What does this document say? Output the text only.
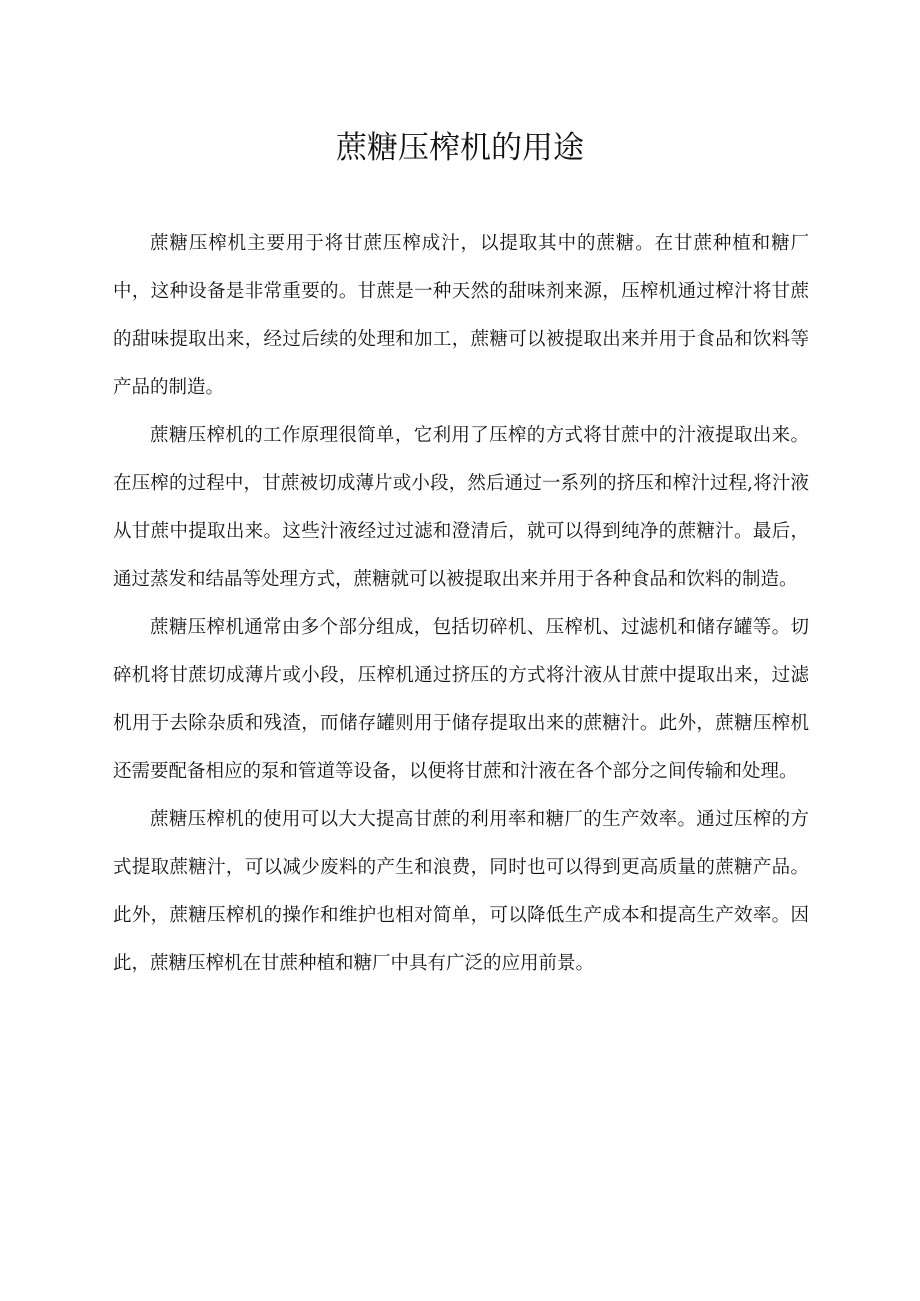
蔗糖压榨机的用途

蔗糖压榨机主要用于将甘蔗压榨成汁，以提取其中的蔗糖。在甘蔗种植和糖厂中，这种设备是非常重要的。甘蔗是一种天然的甜味剂来源，压榨机通过榨汁将甘蔗的甜味提取出来，经过后续的处理和加工，蔗糖可以被提取出来并用于食品和饮料等产品的制造。

蔗糖压榨机的工作原理很简单，它利用了压榨的方式将甘蔗中的汁液提取出来。在压榨的过程中，甘蔗被切成薄片或小段，然后通过一系列的挤压和榨汁过程,将汁液从甘蔗中提取出来。这些汁液经过过滤和澄清后，就可以得到纯净的蔗糖汁。最后，通过蒸发和结晶等处理方式，蔗糖就可以被提取出来并用于各种食品和饮料的制造。

蔗糖压榨机通常由多个部分组成，包括切碎机、压榨机、过滤机和储存罐等。切碎机将甘蔗切成薄片或小段，压榨机通过挤压的方式将汁液从甘蔗中提取出来，过滤机用于去除杂质和残渣，而储存罐则用于储存提取出来的蔗糖汁。此外，蔗糖压榨机还需要配备相应的泵和管道等设备，以便将甘蔗和汁液在各个部分之间传输和处理。

蔗糖压榨机的使用可以大大提高甘蔗的利用率和糖厂的生产效率。通过压榨的方式提取蔗糖汁，可以减少废料的产生和浪费，同时也可以得到更高质量的蔗糖产品。此外，蔗糖压榨机的操作和维护也相对简单，可以降低生产成本和提高生产效率。因此，蔗糖压榨机在甘蔗种植和糖厂中具有广泛的应用前景。
